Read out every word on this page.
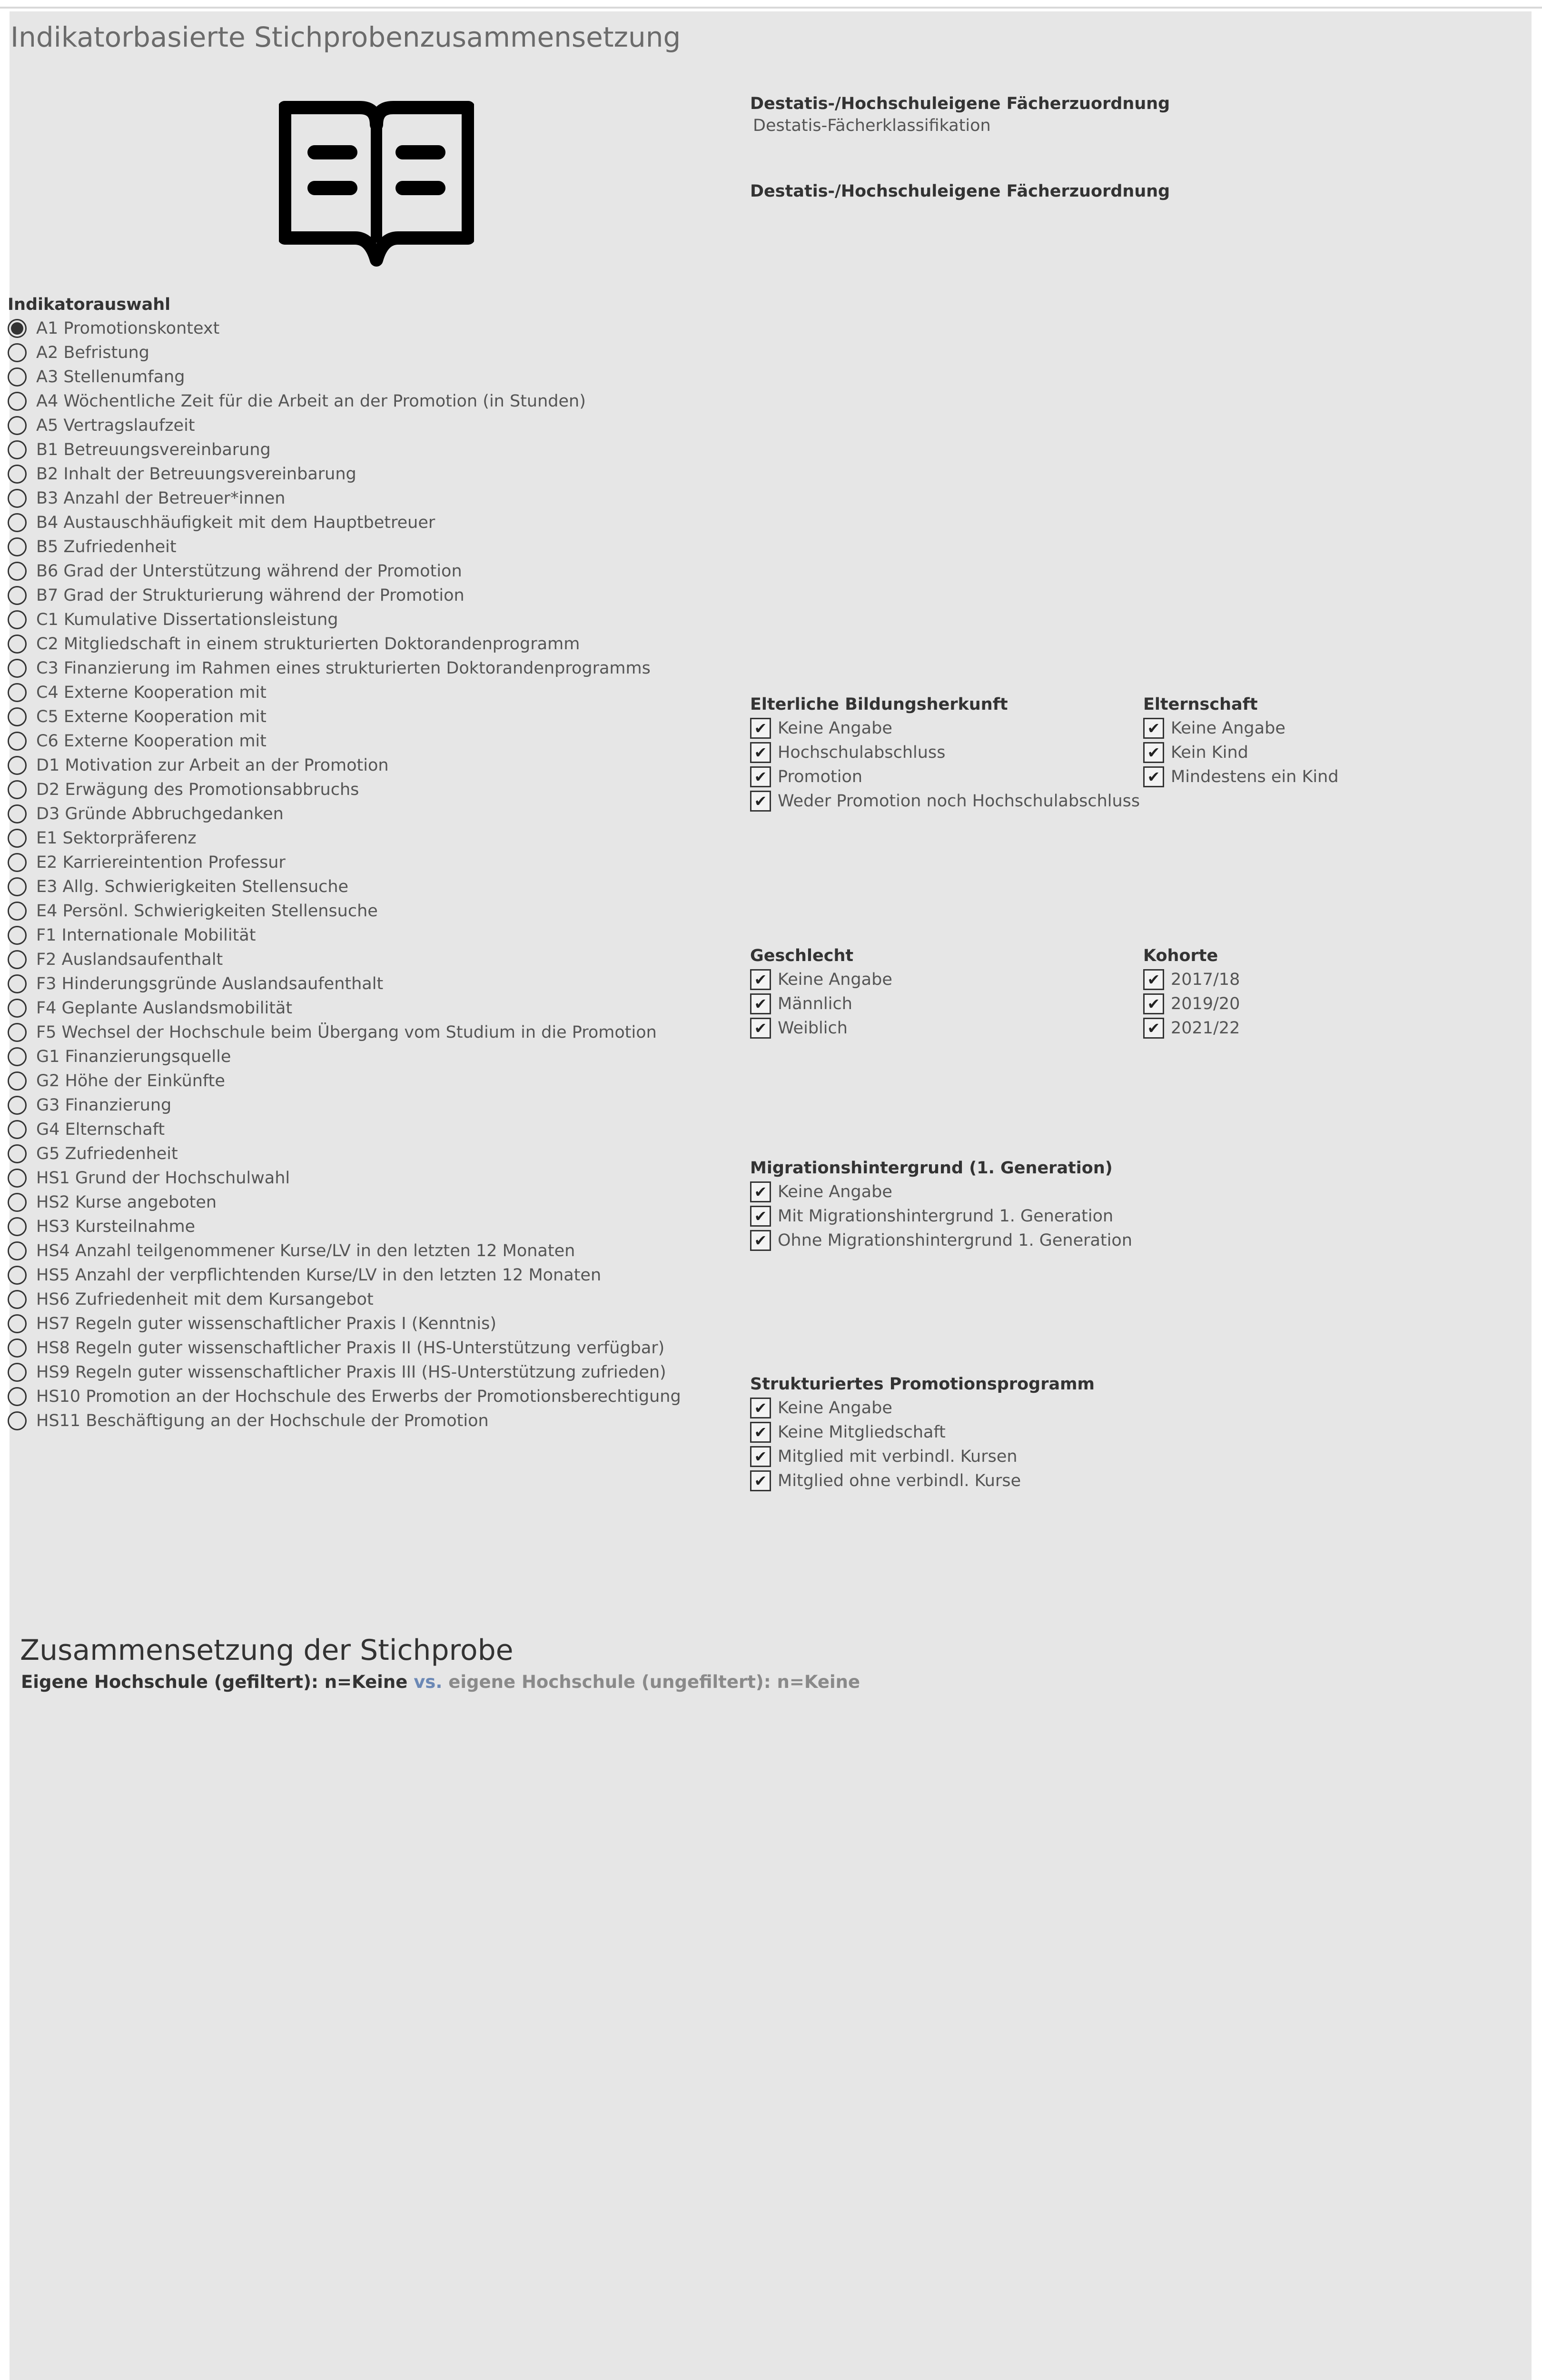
Indikatorbasierte Stichprobenzusammensetzung
Destatis-/Hochschuleigene Fächerzuordnung
Destatis-Fächerklassifikation
Destatis-/Hochschuleigene Fächerzuordnung
Indikatorauswahl
A1 Promotionskontext
A2 Befristung
A3 Stellenumfang
A4 Wöchentliche Zeit für die Arbeit an der Promotion (in Stunden)
A5 Vertragslaufzeit
B1 Betreuungsvereinbarung
B2 Inhalt der Betreuungsvereinbarung
B3 Anzahl der Betreuer*innen
B4 Austauschhäufigkeit mit dem Hauptbetreuer
B5 Zufriedenheit
B6 Grad der Unterstützung während der Promotion
B7 Grad der Strukturierung während der Promotion
C1 Kumulative Dissertationsleistung
C2 Mitgliedschaft in einem strukturierten Doktorandenprogramm
C3 Finanzierung im Rahmen eines strukturierten Doktorandenprogramms
C4 Externe Kooperation mit
C5 Externe Kooperation mit
C6 Externe Kooperation mit
D1 Motivation zur Arbeit an der Promotion
D2 Erwägung des Promotionsabbruchs
D3 Gründe Abbruchgedanken
E1 Sektorpräferenz
E2 Karriereintention Professur
E3 Allg. Schwierigkeiten Stellensuche
E4 Persönl. Schwierigkeiten Stellensuche
F1 Internationale Mobilität
F2 Auslandsaufenthalt
F3 Hinderungsgründe Auslandsaufenthalt
F4 Geplante Auslandsmobilität
F5 Wechsel der Hochschule beim Übergang vom Studium in die Promotion
G1 Finanzierungsquelle
G2 Höhe der Einkünfte
G3 Finanzierung
G4 Elternschaft
G5 Zufriedenheit
HS1 Grund der Hochschulwahl
HS2 Kurse angeboten
HS3 Kursteilnahme
HS4 Anzahl teilgenommener Kurse/LV in den letzten 12 Monaten
HS5 Anzahl der verpflichtenden Kurse/LV in den letzten 12 Monaten
HS6 Zufriedenheit mit dem Kursangebot
HS7 Regeln guter wissenschaftlicher Praxis I (Kenntnis)
HS8 Regeln guter wissenschaftlicher Praxis II (HS-Unterstützung verfügbar)
HS9 Regeln guter wissenschaftlicher Praxis III (HS-Unterstützung zufrieden)
HS10 Promotion an der Hochschule des Erwerbs der Promotionsberechtigung
HS11 Beschäftigung an der Hochschule der Promotion
Elterliche Bildungsherkunft
✔ Keine Angabe
✔ Hochschulabschluss
✔ Promotion
✔ Weder Promotion noch Hochschulabschluss
Elternschaft
✔ Keine Angabe
✔ Kein Kind
✔ Mindestens ein Kind
Geschlecht
✔ Keine Angabe
✔ Männlich
✔ Weiblich
Kohorte
✔ 2017/18
✔ 2019/20
✔ 2021/22
Migrationshintergrund (1. Generation)
✔ Keine Angabe
✔ Mit Migrationshintergrund 1. Generation
✔ Ohne Migrationshintergrund 1. Generation
Strukturiertes Promotionsprogramm
✔ Keine Angabe
✔ Keine Mitgliedschaft
✔ Mitglied mit verbindl. Kursen
✔ Mitglied ohne verbindl. Kurse
Zusammensetzung der Stichprobe
Eigene Hochschule (gefiltert): n=Keine vs. eigene Hochschule (ungefiltert): n=Keine
